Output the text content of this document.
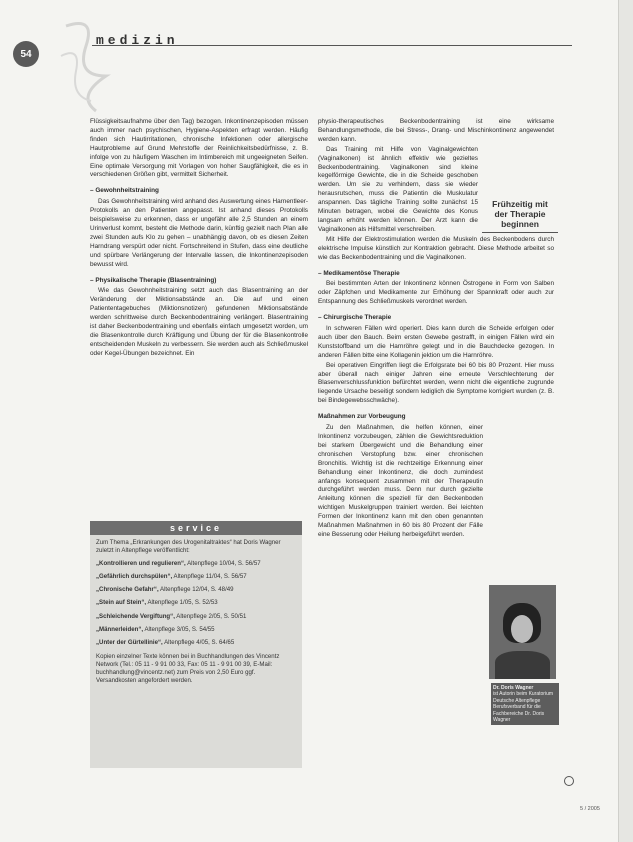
54
medizin

Flüssigkeitsaufnahme über den Tag) bezogen. Inkontinenzepisoden müssen auch immer nach psychischen, Hygiene-Aspekten erfragt werden. Häufig finden sich Hautirritationen, chronische Infektionen oder allergische Hautprobleme auf Grund Mehrstoffe der Reinlichkeitsbedürfnisse, z. B. infolge von zu häufigem Waschen im Intimbereich mit ungeeigneten Seifen. Eine optimale Versorgung mit Vorlagen von hoher Saugfähigkeit, die es in verschiedenen Größen gibt, vermittelt Sicherheit.

– Gewohnheitstraining

Das Gewohnheitstraining wird anhand des Auswertung eines Harnentleer-Protokolls an den Patienten angepasst. Ist anhand dieses Protokolls beispielsweise zu erkennen, dass er ungefähr alle 2,5 Stunden an einem Urinverlust kommt, besteht die Methode darin, künftig gezielt nach Plan alle zwei Stunden aufs Klo zu gehen – unabhängig davon, ob es diesen Zeiten Harndrang verspürt oder nicht. Fortschreitend in Stufen, dass eine deutliche und spürbare Verlängerung der Intervalle lassen, die Inkontinenzepisoden bewusst wird.

– Physikalische Therapie (Blasentraining)

Wie das Gewohnheitstraining setzt auch das Blasentraining an der Veränderung der Miktionsabstände an. Die auf und einen Patiententagebuches (Miktionsnotizen) gefundenen Miktionsabstände werden schrittweise durch Beckenbodentraining verlängert. Blasentraining ist daher Beckenbodentraining und ebenfalls einfach umgesetzt worden, um die Blasenkontrolle durch Kräftigung und Übung der für die Blasenkontrolle entscheidenden Muskeln zu verbessern. Sie werden auch als Schließmuskel oder Kegel-Übungen bezeichnet. Ein

physio-therapeutisches Beckenbodentraining ist eine wirksame Behandlungsmethode, die bei Stress-, Drang- und Mischinkontinenz angewendet werden kann.

Das Training mit Hilfe von Vaginalgewichten (Vaginalkonen) ist ähnlich effektiv wie gezieltes Beckenbodentraining. Vaginalkonen sind kleine kegelförmige Gewichte, die in die Scheide geschoben werden. Um sie zu verhindern, dass sie wieder herausrutschen, muss die Patientin die Muskulatur anspannen. Das tägliche Training sollte zunächst 15 Minuten betragen, wobei die Gewichte des Konus langsam erhöht werden können. Der Arzt kann die Vaginalkonen als Hilfsmittel verschreiben.

Mit Hilfe der Elektrostimulation werden die Muskeln des Beckenbodens durch elektrische Impulse künstlich zur Kontraktion gebracht. Diese Methode arbeitet so wie das Beckenbodentraining und die Vaginalkonen.

– Medikamentöse Therapie

Bei bestimmten Arten der Inkontinenz können Östrogene in Form von Salben oder Zäpfchen und Medikamente zur Erhöhung der Spannkraft oder auch zur Entspannung des Schließmuskels verordnet werden.

– Chirurgische Therapie

In schweren Fällen wird operiert. Dies kann durch die Scheide erfolgen oder auch über den Bauch. Beim ersten Gewebe gestrafft, in einigen Fällen wird ein Kunststoffband um die Harnröhre gelegt und in die Bauchdecke gezogen. In anderen Fällen bitte eine Kollagenin jektion um die Harnröhre.

Bei operativen Eingriffen liegt die Erfolgsrate bei 60 bis 80 Prozent. Hier muss aber überall nach einiger Jahren eine erneute Verschlechterung der Blasenverschlussfunktion befürchtet werden, wenn nicht die eigentliche zugrunde liegende Ursache beseitigt sondern lediglich die Symptome korrigiert wurden (z. B. bei Bindegewebsschwäche).

Maßnahmen zur Vorbeugung

Zu den Maßnahmen, die helfen können, einer Inkontinenz vorzubeugen, zählen die Gewichtsreduktion bei starkem Übergewicht und die Behandlung einer chronischen Verstopfung bzw. einer chronischen Bronchitis. Wichtig ist die rechtzeitige Erkennung einer Behandlung einer Inkontinenz, die doch zumindest anfangs konsequent zusammen mit der Therapeutin durchgeführt werden muss. Denn nur durch gezielte Anleitung können die speziell für den Beckenboden wichtigen Muskelgruppen trainiert werden. Bei leichten Formen der Inkontinenz kann mit den oben genannten Maßnahmen Maßnahmen in 60 bis 80 Prozent der Fälle eine Besserung oder Heilung herbeigeführt werden.

Frühzeitig mit
der Therapie
beginnen
service
Zum Thema „Erkrankungen des Urogenitaltraktes“ hat Doris Wagner zuletzt in Altenpflege veröffentlicht:
„Kontrollieren und regulieren“, Altenpflege 10/04, S. 56/57
„Gefährlich durchspülen“, Altenpflege 11/04, S. 56/57
„Chronische Gefahr“, Altenpflege 12/04, S. 48/49
„Stein auf Stein“, Altenpflege 1/05, S. 52/53
„Schleichende Vergiftung“, Altenpflege 2/05, S. 50/51
„Männerleiden“, Altenpflege 3/05, S. 54/55
„Unter der Gürtellinie“, Altenpflege 4/05, S. 64/65
Kopien einzelner Texte können bei in Buchhandlungen des Vincentz Network (Tel.: 05 11 - 9 91 00 33, Fax: 05 11 - 9 91 00 39, E-Mail: buchhandlung@vincentz.net) zum Preis von 2,50 Euro ggf. Versandkosten angefordert werden.
Dr. Doris Wagner
ist Autorin beim Kuratorium Deutsche Altenpflege Berufsverband für die Fachbereiche Dr. Doris Wagner
5 / 2005
